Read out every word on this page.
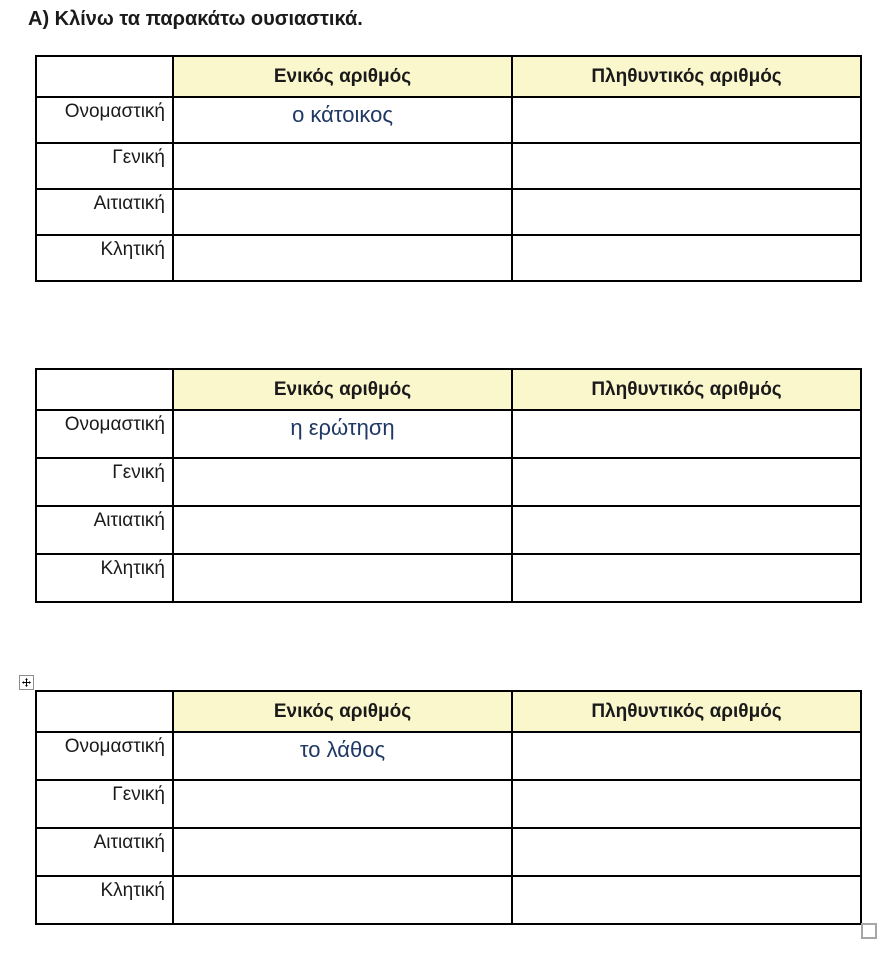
Α) Κλίνω τα παρακάτω ουσιαστικά.
	Ενικός αριθμός	Πληθυντικός αριθμός
Ονομαστική	ο κάτοικος	
Γενική		
Αιτιατική		
Κλητική		
	Ενικός αριθμός	Πληθυντικός αριθμός
Ονομαστική	η ερώτηση	
Γενική		
Αιτιατική		
Κλητική		
	Ενικός αριθμός	Πληθυντικός αριθμός
Ονομαστική	το λάθος	
Γενική		
Αιτιατική		
Κλητική		
